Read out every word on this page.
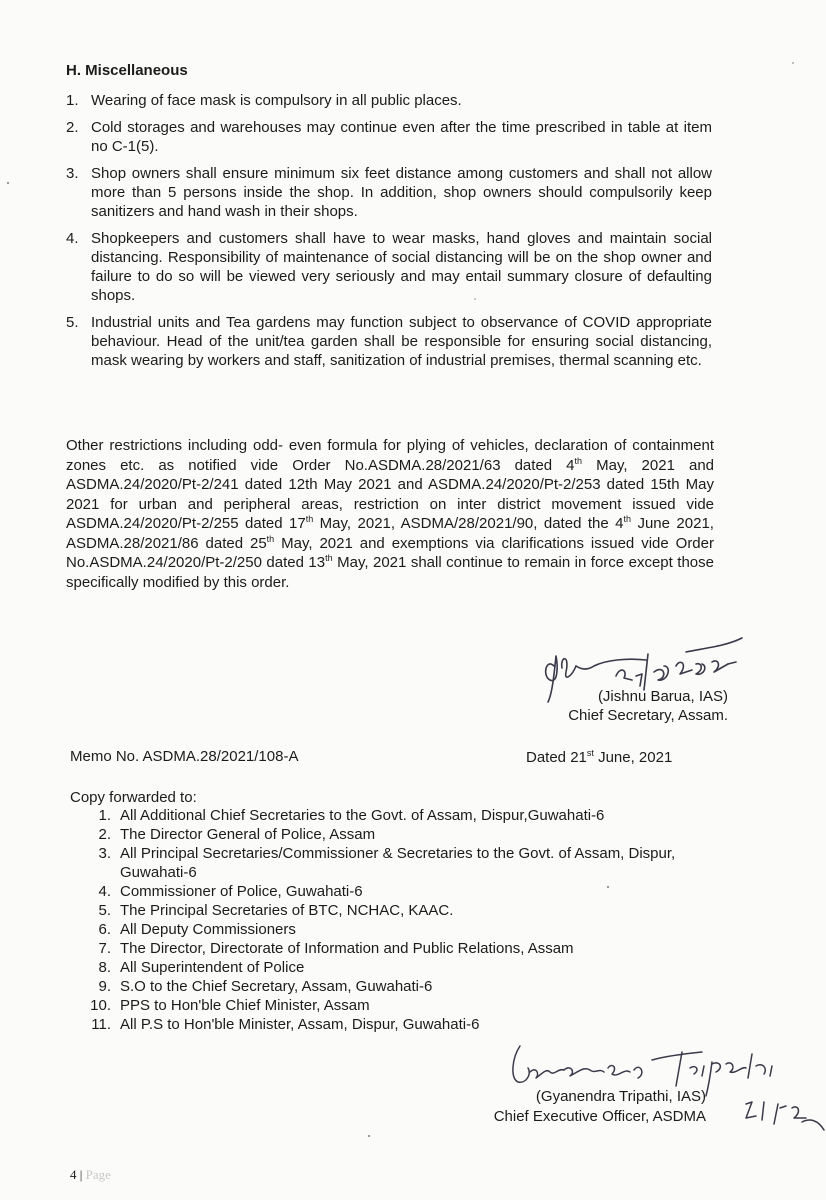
H. Miscellaneous
1. Wearing of face mask is compulsory in all public places.
2. Cold storages and warehouses may continue even after the time prescribed in table at item no C-1(5).
3. Shop owners shall ensure minimum six feet distance among customers and shall not allow more than 5 persons inside the shop. In addition, shop owners should compulsorily keep sanitizers and hand wash in their shops.
4. Shopkeepers and customers shall have to wear masks, hand gloves and maintain social distancing. Responsibility of maintenance of social distancing will be on the shop owner and failure to do so will be viewed very seriously and may entail summary closure of defaulting shops.
5. Industrial units and Tea gardens may function subject to observance of COVID appropriate behaviour. Head of the unit/tea garden shall be responsible for ensuring social distancing, mask wearing by workers and staff, sanitization of industrial premises, thermal scanning etc.

Other restrictions including odd- even formula for plying of vehicles, declaration of containment zones etc. as notified vide Order No.ASDMA.28/2021/63 dated 4th May, 2021 and ASDMA.24/2020/Pt-2/241 dated 12th May 2021 and ASDMA.24/2020/Pt-2/253 dated 15th May 2021 for urban and peripheral areas, restriction on inter district movement issued vide ASDMA.24/2020/Pt-2/255 dated 17th May, 2021, ASDMA/28/2021/90, dated the 4th June 2021, ASDMA.28/2021/86 dated 25th May, 2021 and exemptions via clarifications issued vide Order No.ASDMA.24/2020/Pt-2/250 dated 13th May, 2021 shall continue to remain in force except those specifically modified by this order.

(Jishnu Barua, IAS)
Chief Secretary, Assam.
Memo No. ASDMA.28/2021/108-A	Dated 21st June, 2021
Copy forwarded to:
1. All Additional Chief Secretaries to the Govt. of Assam, Dispur,Guwahati-6
2. The Director General of Police, Assam
3. All Principal Secretaries/Commissioner & Secretaries to the Govt. of Assam, Dispur, Guwahati-6
4. Commissioner of Police, Guwahati-6
5. The Principal Secretaries of BTC, NCHAC, KAAC.
6. All Deputy Commissioners
7. The Director, Directorate of Information and Public Relations, Assam
8. All Superintendent of Police
9. S.O to the Chief Secretary, Assam, Guwahati-6
10. PPS to Hon'ble Chief Minister, Assam
11. All P.S to Hon'ble Minister, Assam, Dispur, Guwahati-6
(Gyanendra Tripathi, IAS)
Chief Executive Officer, ASDMA
4 | Page
